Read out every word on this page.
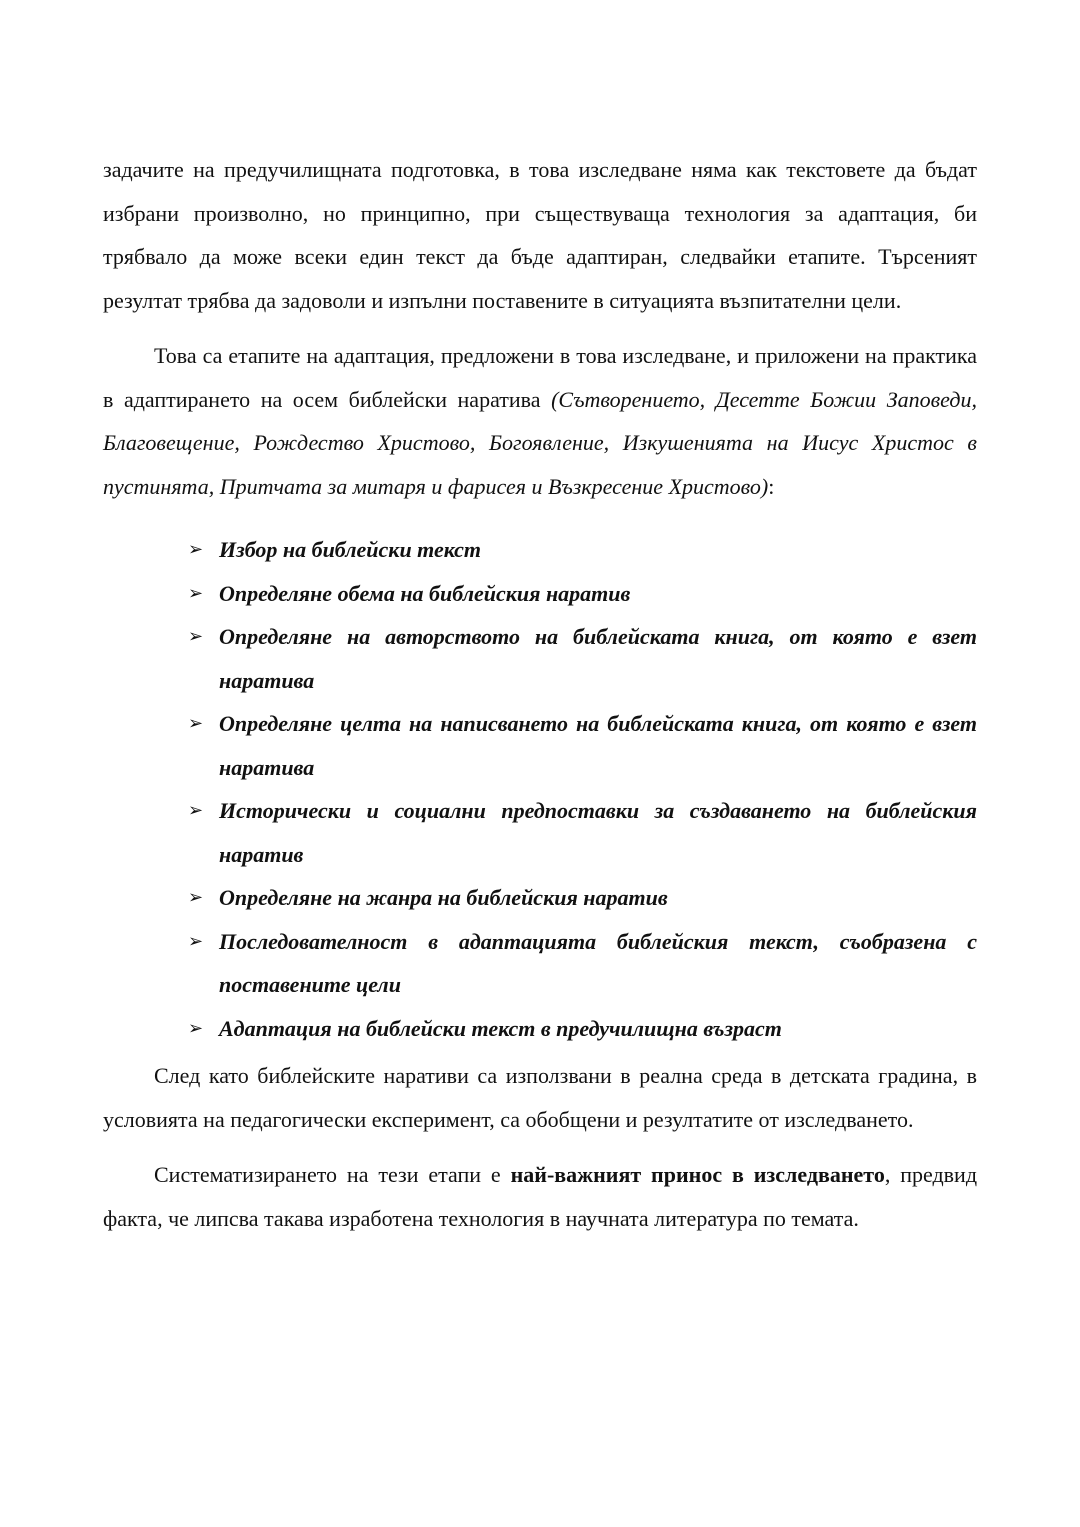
задачите на предучилищната подготовка, в това изследване няма как текстовете да бъдат избрани произволно, но принципно, при съществуваща технология за адаптация, би трябвало да може всеки един текст да бъде адаптиран, следвайки етапите. Търсеният резултат трябва да задоволи и изпълни поставените в ситуацията възпитателни цели.

Това са етапите на адаптация, предложени в това изследване, и приложени на практика в адаптирането на осем библейски наратива (Сътворението, Десетте Божии Заповеди, Благовещение, Рождество Христово, Богоявление, Изкушенията на Иисус Христос в пустинята, Притчата за митаря и фарисея и Възкресение Христово):

➢ Избор на библейски текст
➢ Определяне обема на библейския наратив
➢ Определяне на авторството на библейската книга, от която е взет наратива
➢ Определяне целта на написването на библейската книга, от която е взет наратива
➢ Исторически и социални предпоставки за създаването на библейския наратив
➢ Определяне на жанра на библейския наратив
➢ Последователност в адаптацията библейския текст, съобразена с поставените цели
➢ Адаптация на библейски текст в предучилищна възраст

След като библейските наративи са използвани в реална среда в детската градина, в условията на педагогически експеримент, са обобщени и резултатите от изследването.

Систематизирането на тези етапи е най-важният принос в изследването, предвид факта, че липсва такава изработена технология в научната литература по темата.
